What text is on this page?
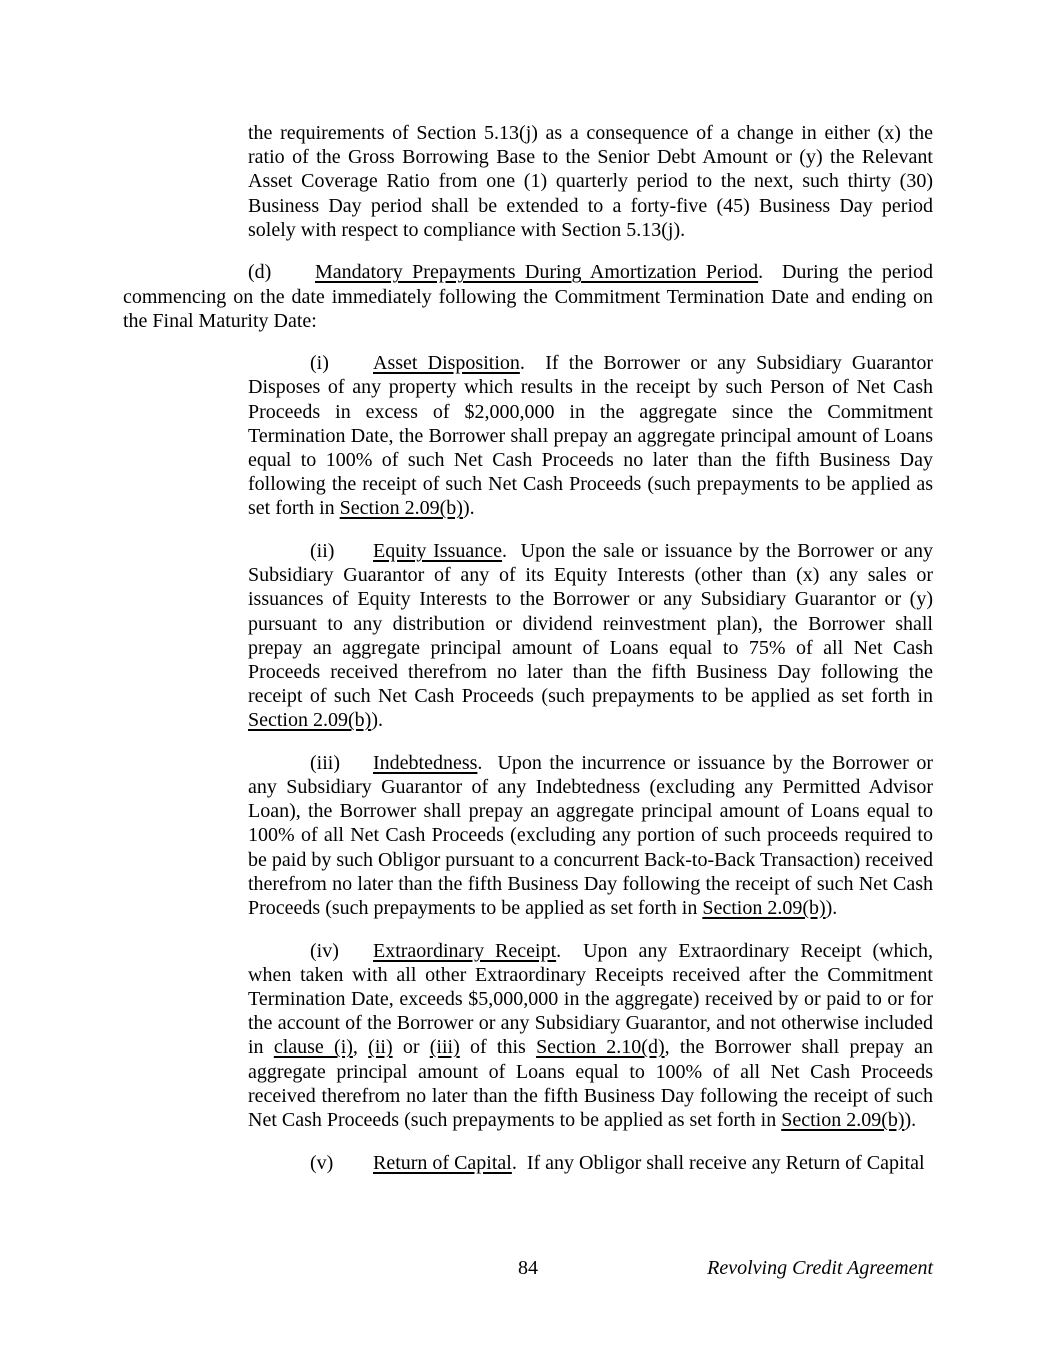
the requirements of Section 5.13(j) as a consequence of a change in either (x) the ratio of the Gross Borrowing Base to the Senior Debt Amount or (y) the Relevant Asset Coverage Ratio from one (1) quarterly period to the next, such thirty (30) Business Day period shall be extended to a forty-five (45) Business Day period solely with respect to compliance with Section 5.13(j).

(d) Mandatory Prepayments During Amortization Period.  During the period commencing on the date immediately following the Commitment Termination Date and ending on the Final Maturity Date:

(i) Asset Disposition.  If the Borrower or any Subsidiary Guarantor Disposes of any property which results in the receipt by such Person of Net Cash Proceeds in excess of $2,000,000 in the aggregate since the Commitment Termination Date, the Borrower shall prepay an aggregate principal amount of Loans equal to 100% of such Net Cash Proceeds no later than the fifth Business Day following the receipt of such Net Cash Proceeds (such prepayments to be applied as set forth in Section 2.09(b)).

(ii) Equity Issuance.  Upon the sale or issuance by the Borrower or any Subsidiary Guarantor of any of its Equity Interests (other than (x) any sales or issuances of Equity Interests to the Borrower or any Subsidiary Guarantor or (y) pursuant to any distribution or dividend reinvestment plan), the Borrower shall prepay an aggregate principal amount of Loans equal to 75% of all Net Cash Proceeds received therefrom no later than the fifth Business Day following the receipt of such Net Cash Proceeds (such prepayments to be applied as set forth in Section 2.09(b)).

(iii) Indebtedness.  Upon the incurrence or issuance by the Borrower or any Subsidiary Guarantor of any Indebtedness (excluding any Permitted Advisor Loan), the Borrower shall prepay an aggregate principal amount of Loans equal to 100% of all Net Cash Proceeds (excluding any portion of such proceeds required to be paid by such Obligor pursuant to a concurrent Back-to-Back Transaction) received therefrom no later than the fifth Business Day following the receipt of such Net Cash Proceeds (such prepayments to be applied as set forth in Section 2.09(b)).

(iv) Extraordinary Receipt.  Upon any Extraordinary Receipt (which, when taken with all other Extraordinary Receipts received after the Commitment Termination Date, exceeds $5,000,000 in the aggregate) received by or paid to or for the account of the Borrower or any Subsidiary Guarantor, and not otherwise included in clause (i), (ii) or (iii) of this Section 2.10(d), the Borrower shall prepay an aggregate principal amount of Loans equal to 100% of all Net Cash Proceeds received therefrom no later than the fifth Business Day following the receipt of such Net Cash Proceeds (such prepayments to be applied as set forth in Section 2.09(b)).

(v) Return of Capital.  If any Obligor shall receive any Return of Capital

84	Revolving Credit Agreement
